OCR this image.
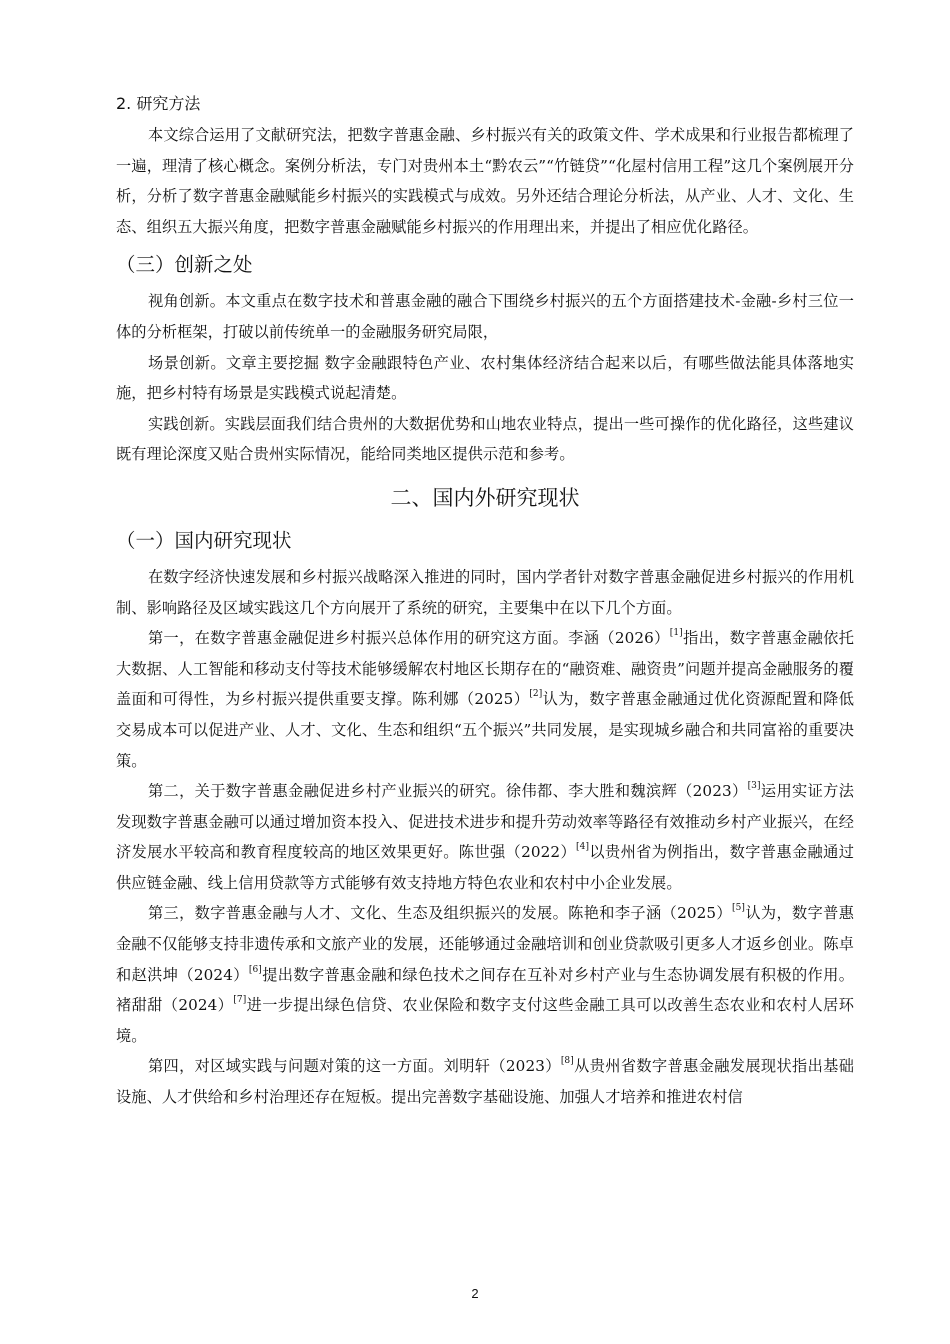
2. 研究方法

本文综合运用了文献研究法，把数字普惠金融、乡村振兴有关的政策文件、学术成果和行业报告都梳理了一遍，理清了核心概念。案例分析法，专门对贵州本土“黔农云”“竹链贷”“化屋村信用工程”这几个案例展开分析，分析了数字普惠金融赋能乡村振兴的实践模式与成效。另外还结合理论分析法，从产业、人才、文化、生态、组织五大振兴角度，把数字普惠金融赋能乡村振兴的作用理出来，并提出了相应优化路径。

（三）创新之处

视角创新。本文重点在数字技术和普惠金融的融合下围绕乡村振兴的五个方面搭建技术-金融-乡村三位一体的分析框架，打破以前传统单一的金融服务研究局限，

场景创新。文章主要挖掘 数字金融跟特色产业、农村集体经济结合起来以后，有哪些做法能具体落地实施，把乡村特有场景是实践模式说起清楚。

实践创新。实践层面我们结合贵州的大数据优势和山地农业特点，提出一些可操作的优化路径，这些建议既有理论深度又贴合贵州实际情况，能给同类地区提供示范和参考。

二、国内外研究现状
（一）国内研究现状

在数字经济快速发展和乡村振兴战略深入推进的同时，国内学者针对数字普惠金融促进乡村振兴的作用机制、影响路径及区域实践这几个方向展开了系统的研究，主要集中在以下几个方面。

第一，在数字普惠金融促进乡村振兴总体作用的研究这方面。李涵（2026）[1]指出，数字普惠金融依托大数据、人工智能和移动支付等技术能够缓解农村地区长期存在的“融资难、融资贵”问题并提高金融服务的覆盖面和可得性，为乡村振兴提供重要支撑。陈利娜（2025）[2]认为，数字普惠金融通过优化资源配置和降低交易成本可以促进产业、人才、文化、生态和组织“五个振兴”共同发展，是实现城乡融合和共同富裕的重要决策。

第二，关于数字普惠金融促进乡村产业振兴的研究。徐伟都、李大胜和魏滨辉（2023）[3]运用实证方法发现数字普惠金融可以通过增加资本投入、促进技术进步和提升劳动效率等路径有效推动乡村产业振兴，在经济发展水平较高和教育程度较高的地区效果更好。陈世强（2022）[4]以贵州省为例指出，数字普惠金融通过供应链金融、线上信用贷款等方式能够有效支持地方特色农业和农村中小企业发展。

第三，数字普惠金融与人才、文化、生态及组织振兴的发展。陈艳和李子涵（2025）[5]认为，数字普惠金融不仅能够支持非遗传承和文旅产业的发展，还能够通过金融培训和创业贷款吸引更多人才返乡创业。陈卓和赵洪坤（2024）[6]提出数字普惠金融和绿色技术之间存在互补对乡村产业与生态协调发展有积极的作用。褚甜甜（2024）[7]进一步提出绿色信贷、农业保险和数字支付这些金融工具可以改善生态农业和农村人居环境。

第四，对区域实践与问题对策的这一方面。刘明轩（2023）[8]从贵州省数字普惠金融发展现状指出基础设施、人才供给和乡村治理还存在短板。提出完善数字基础设施、加强人才培养和推进农村信

2
